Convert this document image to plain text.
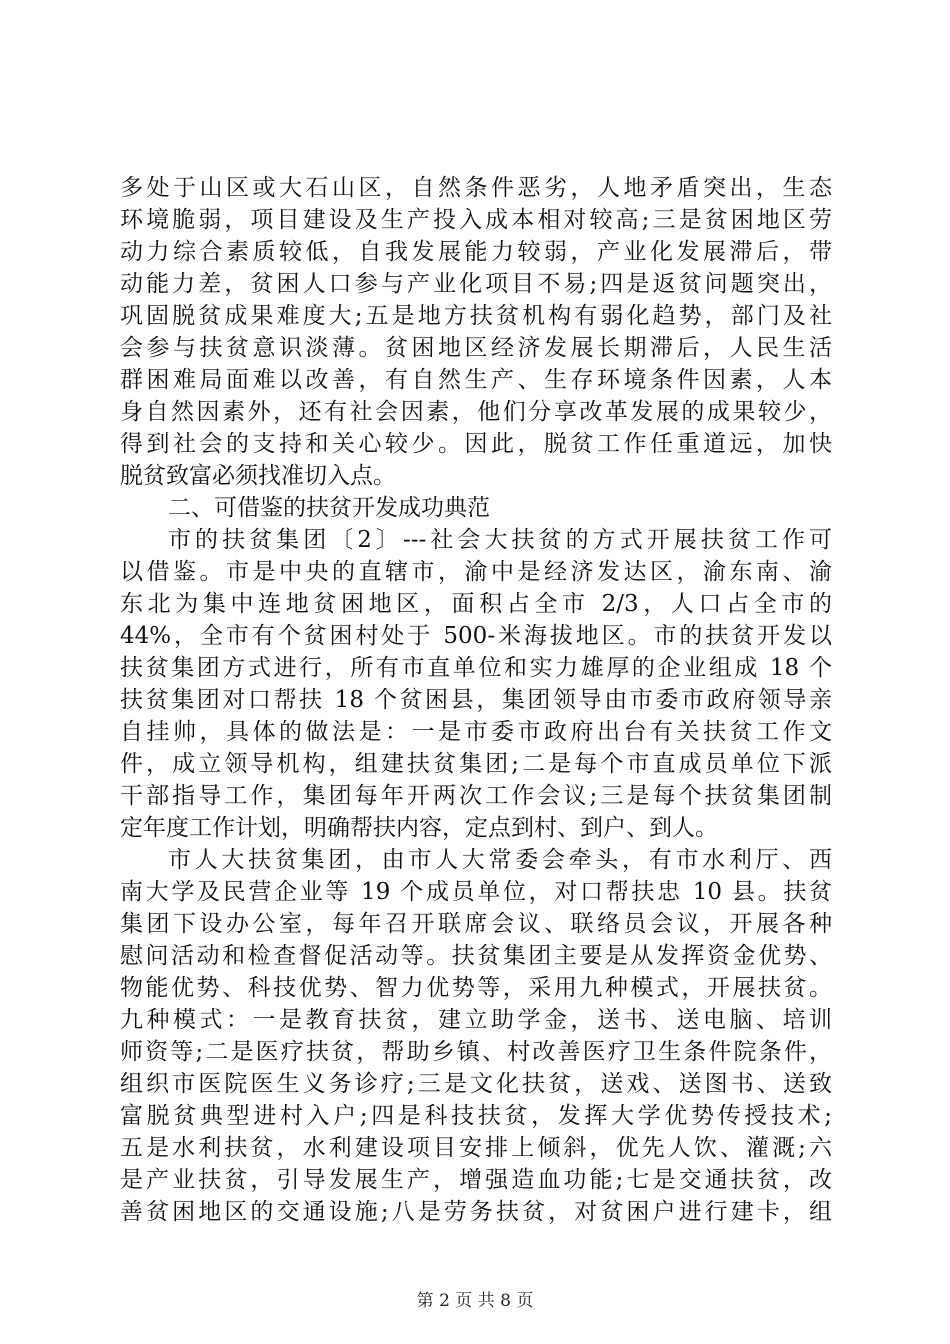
多处于山区或大石山区，自然条件恶劣，人地矛盾突出，生态
环境脆弱，项目建设及生产投入成本相对较高;三是贫困地区劳
动力综合素质较低，自我发展能力较弱，产业化发展滞后，带
动能力差，贫困人口参与产业化项目不易;四是返贫问题突出，
巩固脱贫成果难度大;五是地方扶贫机构有弱化趋势，部门及社
会参与扶贫意识淡薄。贫困地区经济发展长期滞后，人民生活
群困难局面难以改善，有自然生产、生存环境条件因素，人本
身自然因素外，还有社会因素，他们分享改革发展的成果较少，
得到社会的支持和关心较少。因此，脱贫工作任重道远，加快
脱贫致富必须找准切入点。
二、可借鉴的扶贫开发成功典范
市的扶贫集团〔2〕---社会大扶贫的方式开展扶贫工作可
以借鉴。市是中央的直辖市，渝中是经济发达区，渝东南、渝
东北为集中连地贫困地区，面积占全市 2/3，人口占全市的
44%，全市有个贫困村处于 500-米海拔地区。市的扶贫开发以
扶贫集团方式进行，所有市直单位和实力雄厚的企业组成 18 个
扶贫集团对口帮扶 18 个贫困县，集团领导由市委市政府领导亲
自挂帅，具体的做法是：一是市委市政府出台有关扶贫工作文
件，成立领导机构，组建扶贫集团;二是每个市直成员单位下派
干部指导工作，集团每年开两次工作会议;三是每个扶贫集团制
定年度工作计划，明确帮扶内容，定点到村、到户、到人。
市人大扶贫集团，由市人大常委会牵头，有市水利厅、西
南大学及民营企业等 19 个成员单位，对口帮扶忠 10 县。扶贫
集团下设办公室，每年召开联席会议、联络员会议，开展各种
慰问活动和检查督促活动等。扶贫集团主要是从发挥资金优势、
物能优势、科技优势、智力优势等，采用九种模式，开展扶贫。
九种模式：一是教育扶贫，建立助学金，送书、送电脑、培训
师资等;二是医疗扶贫，帮助乡镇、村改善医疗卫生条件院条件，
组织市医院医生义务诊疗;三是文化扶贫，送戏、送图书、送致
富脱贫典型进村入户;四是科技扶贫，发挥大学优势传授技术;
五是水利扶贫，水利建设项目安排上倾斜，优先人饮、灌溉;六
是产业扶贫，引导发展生产，增强造血功能;七是交通扶贫，改
善贫困地区的交通设施;八是劳务扶贫，对贫困户进行建卡，组
第 2 页 共 8 页
